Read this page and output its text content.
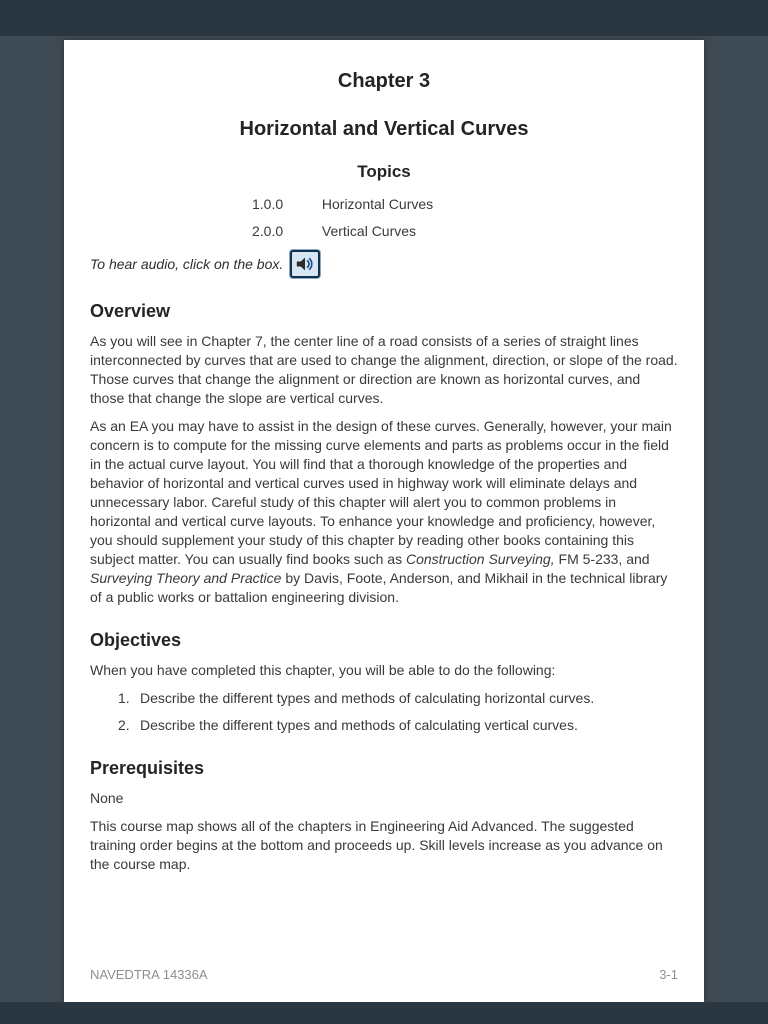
Chapter 3
Horizontal and Vertical Curves
Topics
1.0.0	Horizontal Curves
2.0.0	Vertical Curves
To hear audio, click on the box.
Overview

As you will see in Chapter 7, the center line of a road consists of a series of straight lines interconnected by curves that are used to change the alignment, direction, or slope of the road. Those curves that change the alignment or direction are known as horizontal curves, and those that change the slope are vertical curves.

As an EA you may have to assist in the design of these curves. Generally, however, your main concern is to compute for the missing curve elements and parts as problems occur in the field in the actual curve layout. You will find that a thorough knowledge of the properties and behavior of horizontal and vertical curves used in highway work will eliminate delays and unnecessary labor. Careful study of this chapter will alert you to common problems in horizontal and vertical curve layouts. To enhance your knowledge and proficiency, however, you should supplement your study of this chapter by reading other books containing this subject matter. You can usually find books such as Construction Surveying, FM 5-233, and Surveying Theory and Practice by Davis, Foote, Anderson, and Mikhail in the technical library of a public works or battalion engineering division.

Objectives

When you have completed this chapter, you will be able to do the following:

1. Describe the different types and methods of calculating horizontal curves.
2. Describe the different types and methods of calculating vertical curves.
Prerequisites

None

This course map shows all of the chapters in Engineering Aid Advanced. The suggested training order begins at the bottom and proceeds up. Skill levels increase as you advance on the course map.

NAVEDTRA 14336A	3-1
